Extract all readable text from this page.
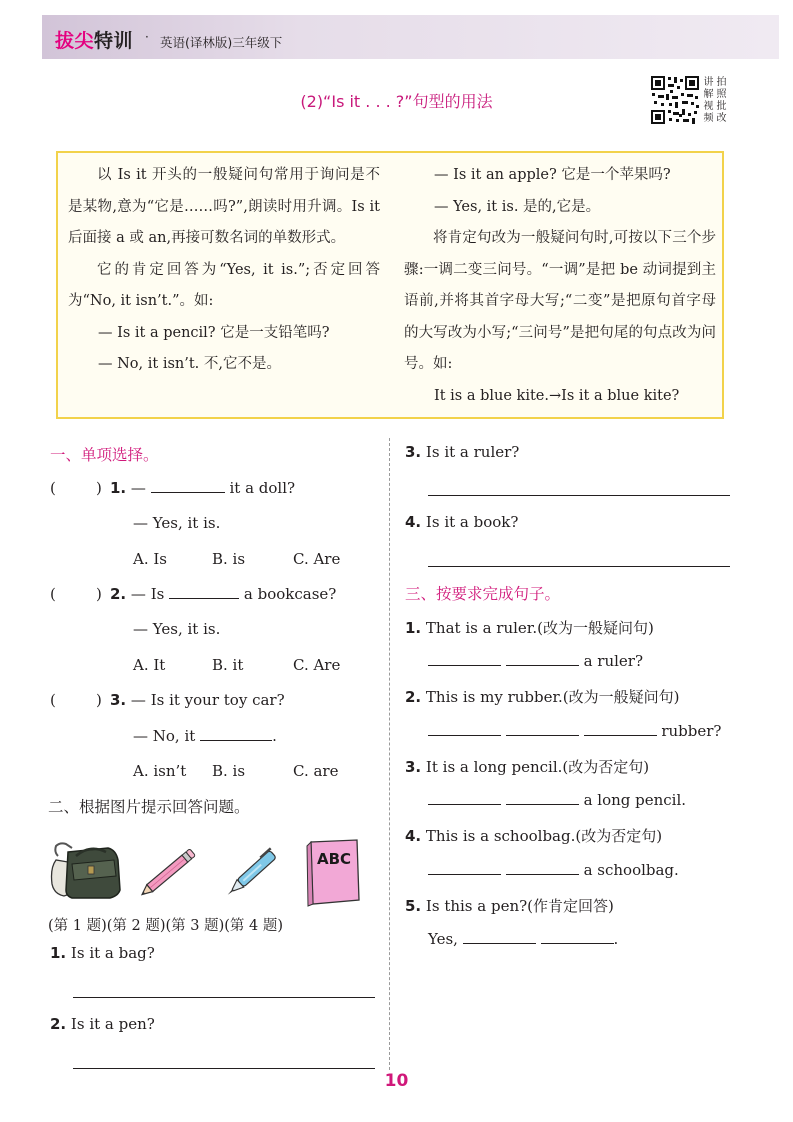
拔尖特训 · 英语(译林版)三年级下
(2)“Is it . . . ?”句型的用法
讲 拍
解 照
视 批
频 改

以 Is it 开头的一般疑问句常用于询问是不是某物,意为“它是……吗?”,朗读时用升调。Is it 后面接 a 或 an,再接可数名词的单数形式。

它的肯定回答为“Yes, it is.”;否定回答为“No, it isn’t.”。如:

— Is it a pencil? 它是一支铅笔吗?

— No, it isn’t. 不,它不是。

— Is it an apple? 它是一个苹果吗?

— Yes, it is. 是的,它是。

将肯定句改为一般疑问句时,可按以下三个步骤:一调二变三问号。“一调”是把 be 动词提到主语前,并将其首字母大写;“二变”是把原句首字母的大写改为小写;“三问号”是把句尾的句点改为问号。如:

It is a blue kite.→Is it a blue kite?

一、单项选择。
(	) 1. —	it a doll?
— Yes, it is.
A. Is	B. is	C. Are
(	) 2. — Is	a bookcase?
— Yes, it is.
A. It	B. it	C. Are
(	) 3. — Is it your toy car?
— No, it	.
A. isn’t B. is	C. are
二、根据图片提示回答问题。
ABC
(第 1 题)(第 2 题)(第 3 题)(第 4 题)
1. Is it a bag?
2. Is it a pen?
3. Is it a ruler?
4. Is it a book?
三、按要求完成句子。
1. That is a ruler.(改为一般疑问句)
a ruler?
2. This is my rubber.(改为一般疑问句)
rubber?
3. It is a long pencil.(改为否定句)
a long pencil.
4. This is a schoolbag.(改为否定句)
a schoolbag.
5. Is this a pen?(作肯定回答)
Yes,	.
10
